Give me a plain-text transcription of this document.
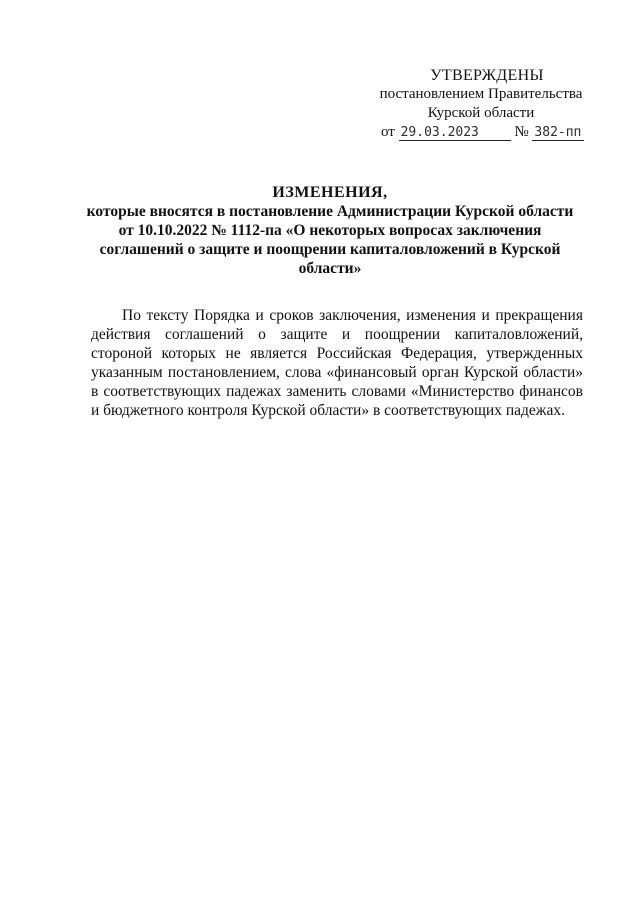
УТВЕРЖДЕНЫ
постановлением Правительства
Курской области
от 29.03.2023 № 382-пп
ИЗМЕНЕНИЯ,
которые вносятся в постановление Администрации Курской области
от 10.10.2022 № 1112-па «О некоторых вопросах заключения
соглашений о защите и поощрении капиталовложений в Курской
области»

По тексту Порядка и сроков заключения, изменения и прекращения действия соглашений о защите и поощрении капиталовложений, стороной которых не является Российская Федерация, утвержденных указанным постановлением, слова «финансовый орган Курской области» в соответствующих падежах заменить словами «Министерство финансов и бюджетного контроля Курской области» в соответствующих падежах.
